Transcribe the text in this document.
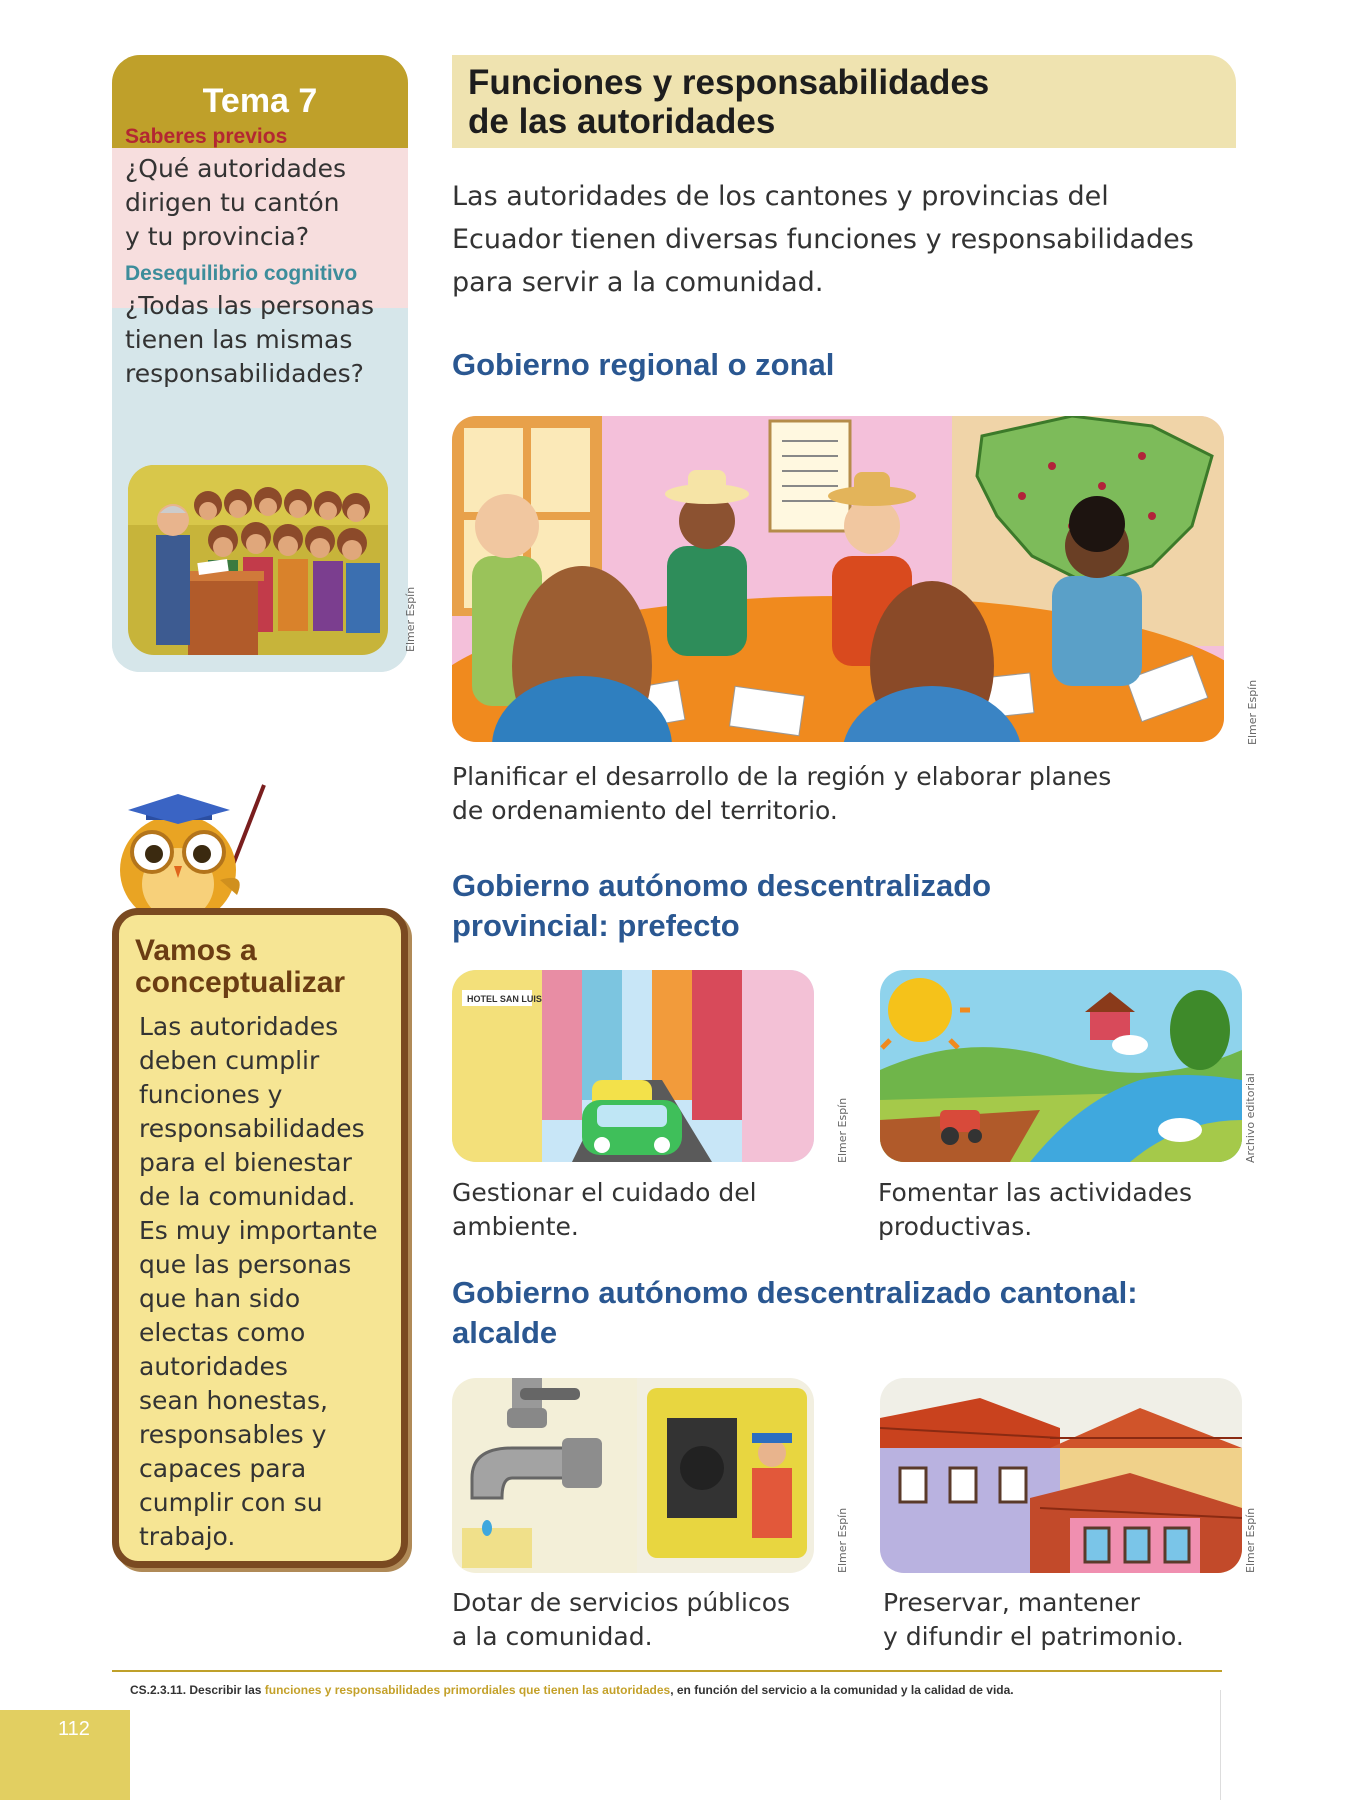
Tema 7
Saberes previos
¿Qué autoridades
dirigen tu cantón
y tu provincia?
Desequilibrio cognitivo
¿Todas las personas
tienen las mismas
responsabilidades?
Elmer Espín
Vamos a
conceptualizar
Las autoridades
deben cumplir
funciones y
responsabilidades
para el bienestar
de la comunidad.
Es muy importante
que las personas
que han sido
electas como
autoridades
sean honestas,
responsables y
capaces para
cumplir con su
trabajo.
Funciones y responsabilidades
de las autoridades
Las autoridades de los cantones y provincias del
Ecuador tienen diversas funciones y responsabilidades
para servir a la comunidad.
Gobierno regional o zonal
Elmer Espín
Planificar el desarrollo de la región y elaborar planes
de ordenamiento del territorio.
Gobierno autónomo descentralizado
provincial: prefecto
HOTEL SAN LUIS
Elmer Espín	Archivo editorial
Gestionar el cuidado del
ambiente.
Fomentar las actividades
productivas.
Gobierno autónomo descentralizado cantonal:
alcalde
Elmer Espín	Elmer Espín
Dotar de servicios públicos
a la comunidad.
Preservar, mantener
y difundir el patrimonio.
CS.2.3.11. Describir las funciones y responsabilidades primordiales que tienen las autoridades, en función del servicio a la comunidad y la calidad de vida.
112
